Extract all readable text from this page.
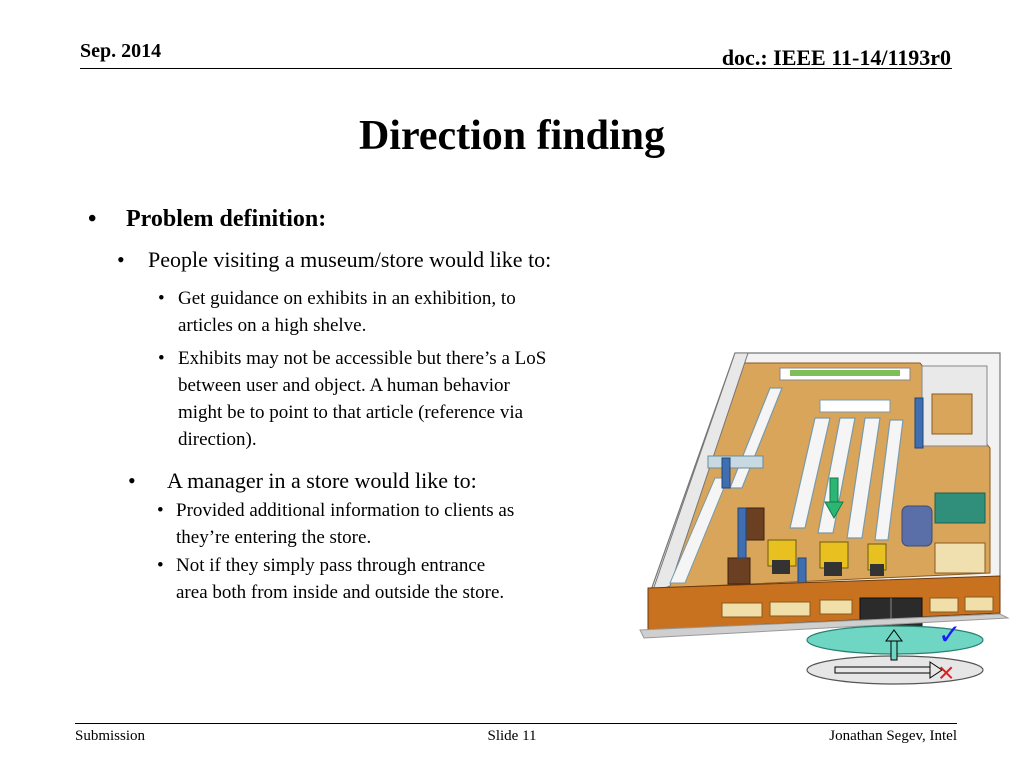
Sep. 2014	doc.: IEEE 11-14/1193r0
Direction finding
• Problem definition:
• People visiting a museum/store would like to:
• Get guidance on exhibits in an exhibition, to
articles on a high shelve.
• Exhibits may not be accessible but there’s a LoS
between user and object. A human behavior
might be to point to that article (reference via
direction).
• A manager in a store would like to:
• Provided additional information to clients as
they’re entering the store.
• Not if they simply pass through entrance
area both from inside and outside the store.
✓
×
Submission	Slide 11	Jonathan Segev, Intel
